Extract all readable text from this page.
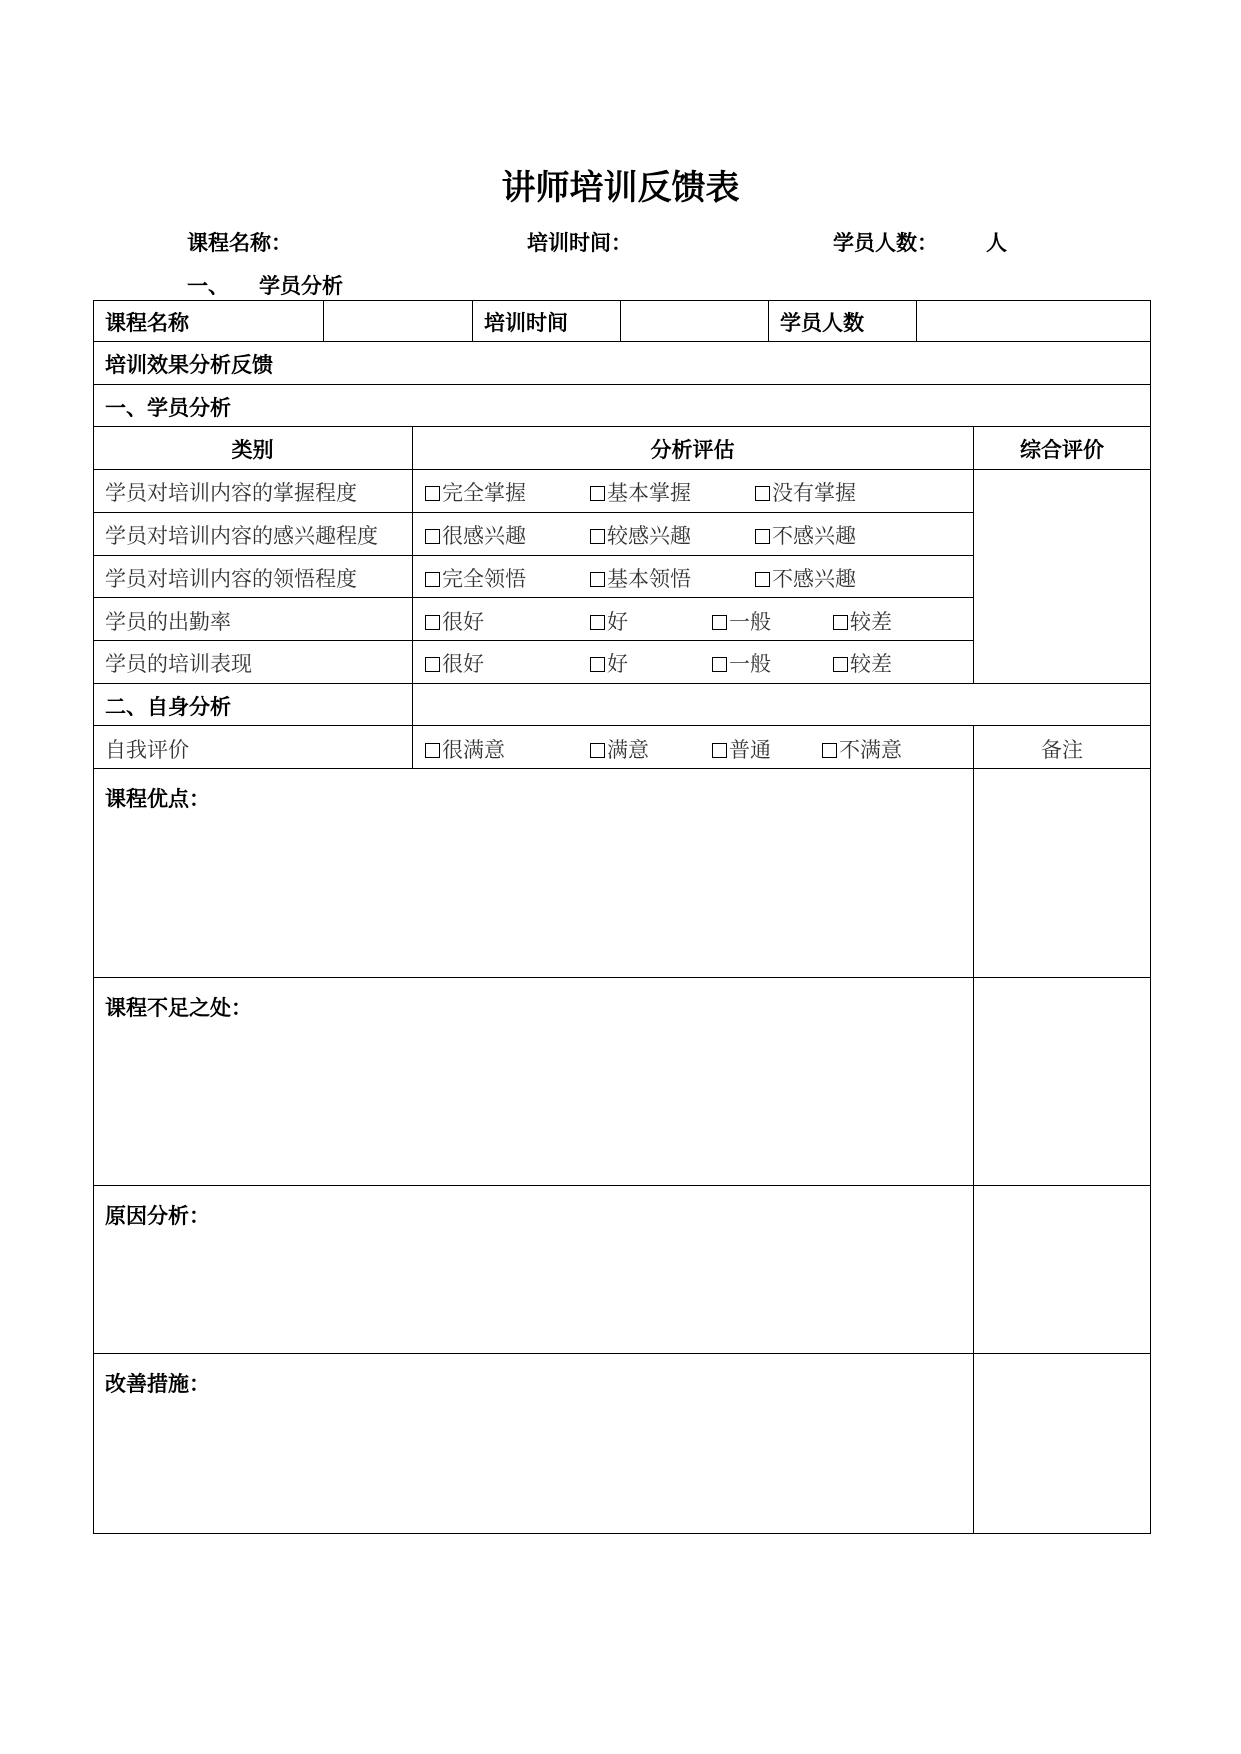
讲师培训反馈表
课程名称：	培训时间：	学员人数： 人
一、 学员分析
课程名称	培训时间	学员人数
培训效果分析反馈
一、学员分析
类别	分析评估	综合评价
学员对培训内容的掌握程度	完全掌握	基本掌握	没有掌握
学员对培训内容的感兴趣程度	很感兴趣	较感兴趣	不感兴趣
学员对培训内容的领悟程度	完全领悟	基本领悟	不感兴趣
学员的出勤率	很好	好	一般	较差
学员的培训表现	很好	好	一般	较差
二、自身分析
自我评价	很满意	满意	普通	不满意	备注
课程优点：
课程不足之处：
原因分析：
改善措施：
